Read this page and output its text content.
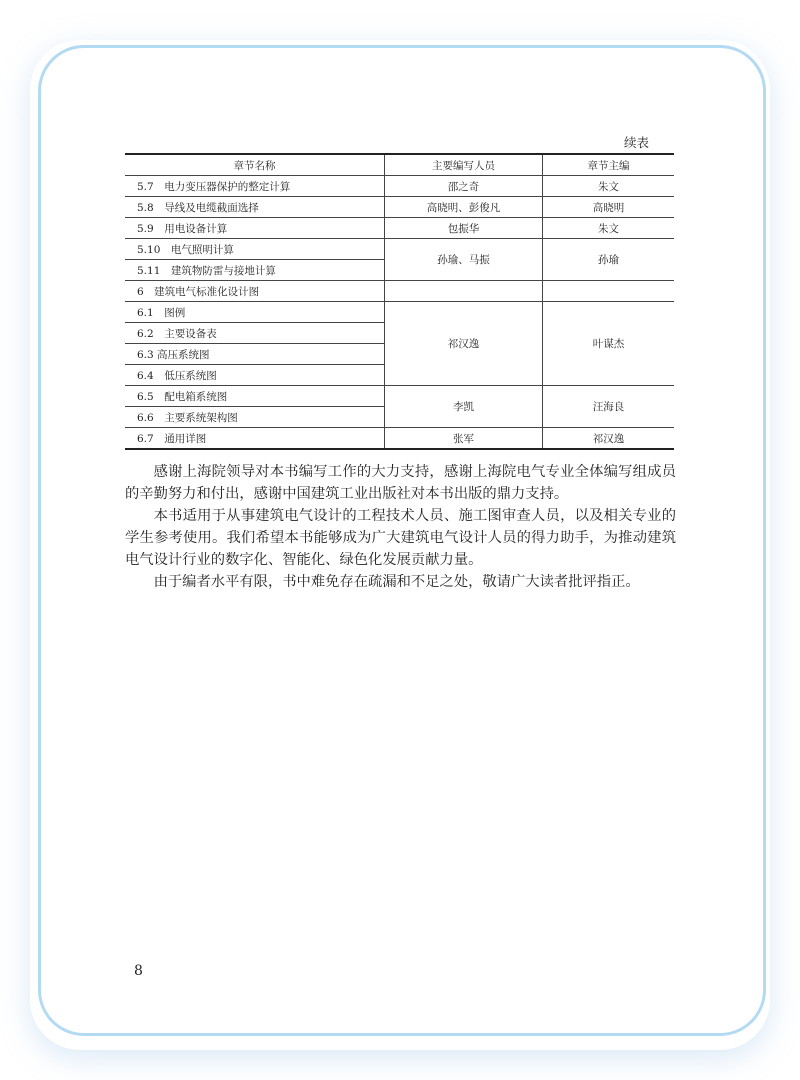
续表
章节名称	主要编写人员	章节主编
5.7　电力变压器保护的整定计算	邵之奇	朱文
5.8　导线及电缆截面选择	高晓明、彭俊凡	高晓明
5.9　用电设备计算	包振华	朱文
5.10　电气照明计算	孙瑜、马振	孙瑜
5.11　建筑物防雷与接地计算		
6　建筑电气标准化设计图		
6.1　图例	祁汉逸	叶谋杰
6.2　主要设备表		
6.3 高压系统图		
6.4　低压系统图		
6.5　配电箱系统图	李凯	汪海良
6.6　主要系统架构图		
6.7　通用详图	张军	祁汉逸

感谢上海院领导对本书编写工作的大力支持，感谢上海院电气专业全体编写组成员的辛勤努力和付出，感谢中国建筑工业出版社对本书出版的鼎力支持。

本书适用于从事建筑电气设计的工程技术人员、施工图审查人员，以及相关专业的学生参考使用。我们希望本书能够成为广大建筑电气设计人员的得力助手，为推动建筑电气设计行业的数字化、智能化、绿色化发展贡献力量。

由于编者水平有限，书中难免存在疏漏和不足之处，敬请广大读者批评指正。

8
